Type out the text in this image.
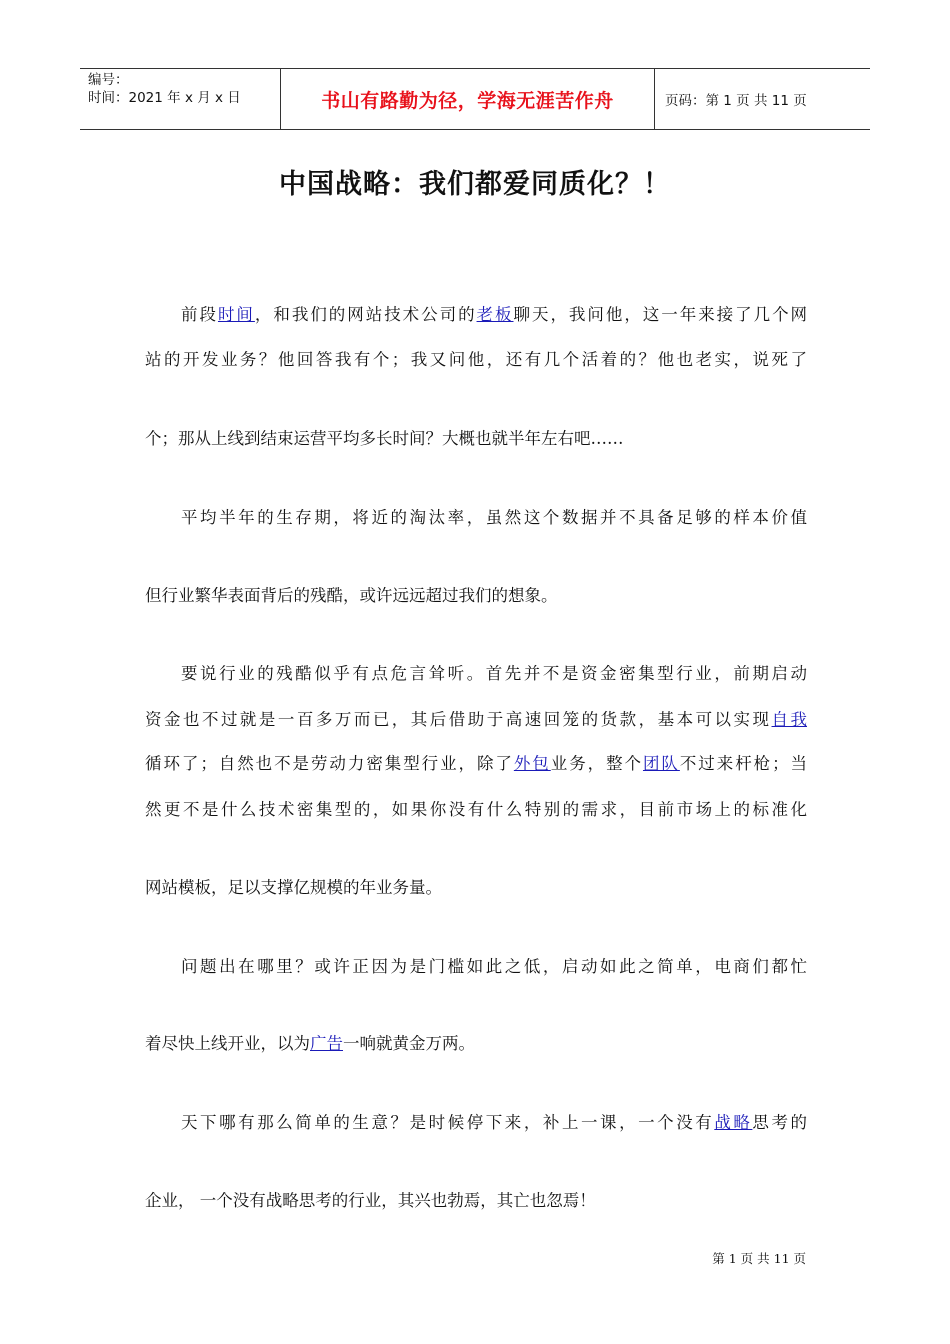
编号：
时间：2021 年 x 月 x 日	书山有路勤为径，学海无涯苦作舟	页码：第 1 页 共 11 页
中国战略：我们都爱同质化？！
前段时间，和我们的网站技术公司的老板聊天，我问他，这一年来接了几个网
站的开发业务？他回答我有个；我又问他，还有几个活着的？他也老实，说死了
个；那从上线到结束运营平均多长时间？大概也就半年左右吧……
平均半年的生存期，将近的淘汰率，虽然这个数据并不具备足够的样本价值
但行业繁华表面背后的残酷，或许远远超过我们的想象。
要说行业的残酷似乎有点危言耸听。首先并不是资金密集型行业，前期启动
资金也不过就是一百多万而已，其后借助于高速回笼的货款，基本可以实现自我
循环了；自然也不是劳动力密集型行业，除了外包业务，整个团队不过来杆枪；当
然更不是什么技术密集型的，如果你没有什么特别的需求，目前市场上的标准化
网站模板，足以支撑亿规模的年业务量。
问题出在哪里？或许正因为是门槛如此之低，启动如此之简单，电商们都忙
着尽快上线开业，以为广告一响就黄金万两。
天下哪有那么简单的生意？是时候停下来，补上一课，一个没有战略思考的
企业， 一个没有战略思考的行业，其兴也勃焉，其亡也忽焉！
第 1 页 共 11 页
